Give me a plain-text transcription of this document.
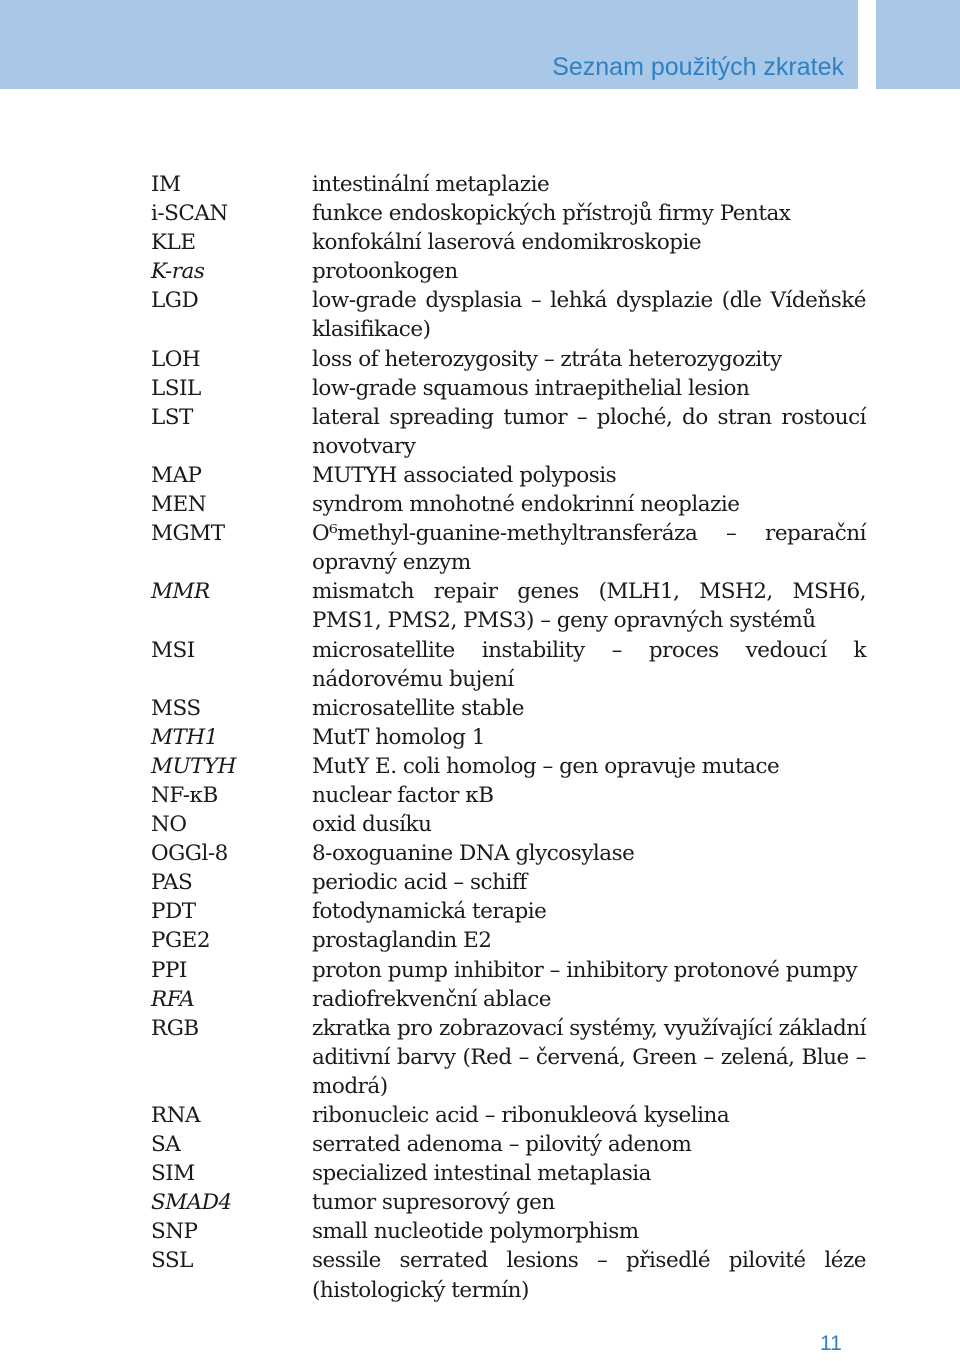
Seznam použitých zkratek
IM	intestinální metaplazie
i-SCAN	funkce endoskopických přístrojů firmy Pentax
KLE	konfokální laserová endomikroskopie
K-ras	protoonkogen
LGD	low-grade dysplasia – lehká dysplazie (dle Vídeňské klasifikace)
LOH	loss of heterozygosity – ztráta heterozygozity
LSIL	low-grade squamous intraepithelial lesion
LST	lateral spreading tumor – ploché, do stran rostoucí novotvary
MAP	MUTYH associated polyposis
MEN	syndrom mnohotné endokrinní neoplazie
MGMT	O⁶methyl-guanine-methyltransferáza – reparační opravný enzym
MMR	mismatch repair genes (MLH1, MSH2, MSH6, PMS1, PMS2, PMS3) – geny opravných systémů
MSI	microsatellite instability – proces vedoucí k nádorovému bujení
MSS	microsatellite stable
MTH1	MutT homolog 1
MUTYH	MutY E. coli homolog – gen opravuje mutace
NF-κB	nuclear factor κB
NO	oxid dusíku
OGGl-8	8-oxoguanine DNA glycosylase
PAS	periodic acid – schiff
PDT	fotodynamická terapie
PGE2	prostaglandin E2
PPI	proton pump inhibitor – inhibitory protonové pumpy
RFA	radiofrekvenční ablace
RGB	zkratka pro zobrazovací systémy, využívající základní aditivní barvy (Red – červená, Green – zelená, Blue – modrá)
RNA	ribonucleic acid – ribonukleová kyselina
SA	serrated adenoma – pilovitý adenom
SIM	specialized intestinal metaplasia
SMAD4	tumor supresorový gen
SNP	small nucleotide polymorphism
SSL	sessile serrated lesions – přisedlé pilovité léze (histologický termín)
11
